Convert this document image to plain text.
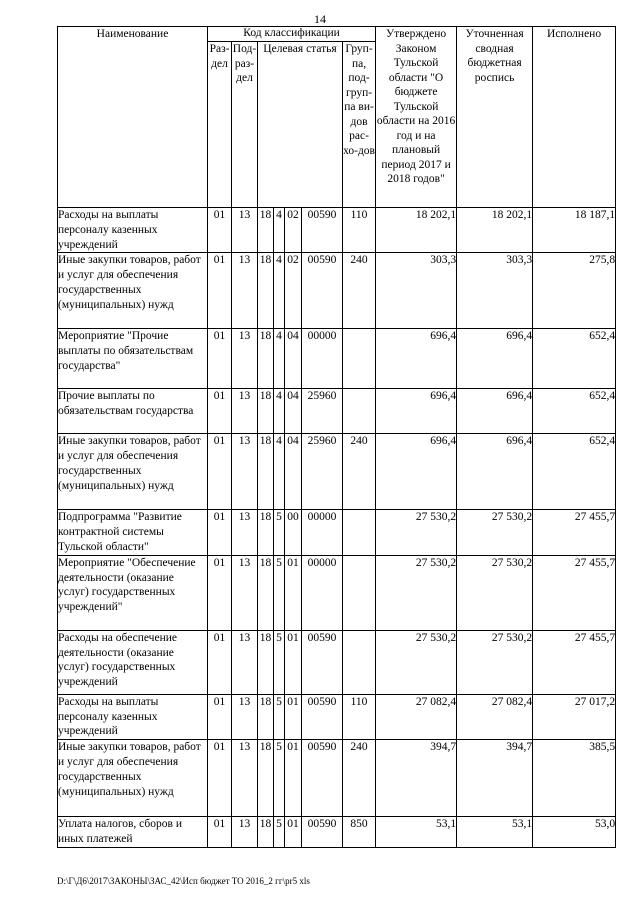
14
Наименование	Код классификации							Утверждено Законом Тульской области "О бюджете Тульской области на 2016 год и на плановый период 2017 и 2018 годов"	Уточненная сводная бюджетная роспись	Исполнено
	Раз-дел	Под-раз-дел	Целевая статья				Груп-па, под-груп-па ви-дов рас-хо-дов			
Расходы на выплаты персоналу казенных учреждений	01	13	18	4	02	00590	110	18 202,1	18 202,1	18 187,1
Иные закупки товаров, работ и услуг для обеспечения государственных (муниципальных) нужд	01	13	18	4	02	00590	240	303,3	303,3	275,8
Мероприятие "Прочие выплаты по обязательствам государства"	01	13	18	4	04	00000		696,4	696,4	652,4
Прочие выплаты по обязательствам государства	01	13	18	4	04	25960		696,4	696,4	652,4
Иные закупки товаров, работ и услуг для обеспечения государственных (муниципальных) нужд	01	13	18	4	04	25960	240	696,4	696,4	652,4
Подпрограмма "Развитие контрактной системы Тульской области"	01	13	18	5	00	00000		27 530,2	27 530,2	27 455,7
Мероприятие "Обеспечение деятельности (оказание услуг) государственных учреждений"	01	13	18	5	01	00000		27 530,2	27 530,2	27 455,7
Расходы на обеспечение деятельности (оказание услуг) государственных учреждений	01	13	18	5	01	00590		27 530,2	27 530,2	27 455,7
Расходы на выплаты персоналу казенных учреждений	01	13	18	5	01	00590	110	27 082,4	27 082,4	27 017,2
Иные закупки товаров, работ и услуг для обеспечения государственных (муниципальных) нужд	01	13	18	5	01	00590	240	394,7	394,7	385,5
Уплата налогов, сборов и иных платежей	01	13	18	5	01	00590	850	53,1	53,1	53,0
D:\Г\Д6\2017\ЗАКОНЫ\ЗАС_42\Исп бюджет ТО 2016_2 гг\pr5 xls
